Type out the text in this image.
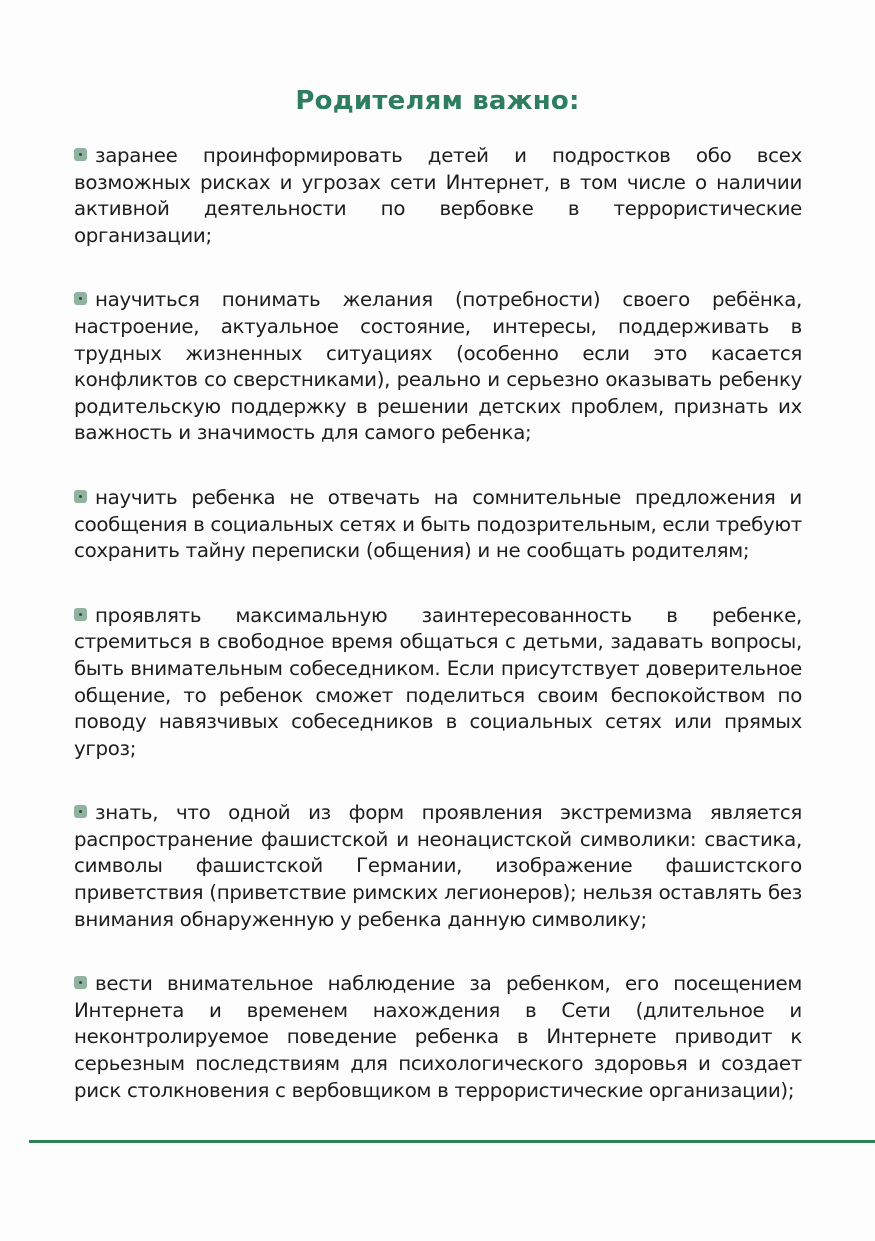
Родителям важно:

заранее проинформировать детей и подростков обо всех возможных рисках и угрозах сети Интернет, в том числе о наличии активной деятельности по вербовке в террористические организации;

научиться понимать желания (потребности) своего ребёнка, настроение, актуальное состояние, интересы, поддерживать в трудных жизненных ситуациях (особенно если это касается конфликтов со сверстниками), реально и серьезно оказывать ребенку родительскую поддержку в решении детских проблем, признать их важность и значимость для самого ребенка;

научить ребенка не отвечать на сомнительные предложения и сообщения в социальных сетях и быть подозрительным, если требуют сохранить тайну переписки (общения) и не сообщать родителям;

проявлять максимальную заинтересованность в ребенке, стремиться в свободное время общаться с детьми, задавать вопросы, быть внимательным собеседником. Если присутствует доверительное общение, то ребенок сможет поделиться своим беспокойством по поводу навязчивых собеседников в социальных сетях или прямых угроз;

знать, что одной из форм проявления экстремизма является распространение фашистской и неонацистской символики: свастика, символы фашистской Германии, изображение фашистского приветствия (приветствие римских легионеров); нельзя оставлять без внимания обнаруженную у ребенка данную символику;

вести внимательное наблюдение за ребенком, его посещением Интернета и временем нахождения в Сети (длительное и неконтролируемое поведение ребенка в Интернете приводит к серьезным последствиям для психологического здоровья и создает риск столкновения с вербовщиком в террористические организации);
